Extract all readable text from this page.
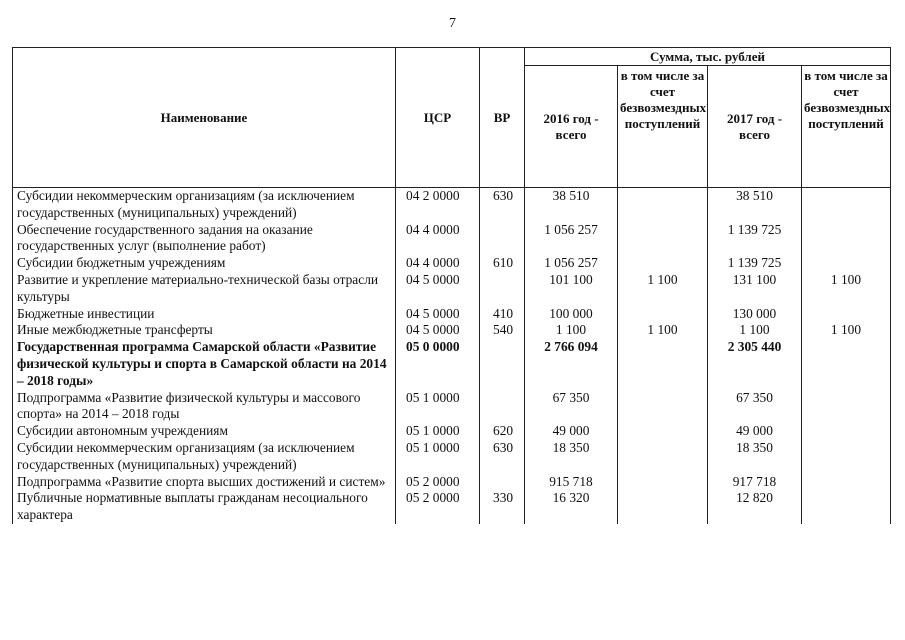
7
Наименование	ЦСР	ВР	Сумма, тыс. рублей			
			2016 год - всего	в том числе за счет безвозмездных поступлений	2017 год - всего	в том числе за счет безвозмездных поступлений
Субсидии некоммерческим организациям (за исключением государственных (муниципальных) учреждений)	04 2 0000	630	38 510		38 510	
Обеспечение государственного задания на оказание государственных услуг (выполнение работ)	04 4 0000		1 056 257		1 139 725	
Субсидии бюджетным учреждениям	04 4 0000	610	1 056 257		1 139 725	
Развитие и укрепление материально-технической базы отрасли культуры	04 5 0000		101 100	1 100	131 100	1 100
Бюджетные инвестиции	04 5 0000	410	100 000		130 000	
Иные межбюджетные трансферты	04 5 0000	540	1 100	1 100	1 100	1 100
Государственная программа Самарской области «Развитие физической культуры и спорта в Самарской области на 2014 – 2018 годы»	05 0 0000		2 766 094		2 305 440	
Подпрограмма «Развитие физической культуры и массового спорта» на 2014 – 2018 годы	05 1 0000		67 350		67 350	
Субсидии автономным учреждениям	05 1 0000	620	49 000		49 000	
Субсидии некоммерческим организациям (за исключением государственных (муниципальных) учреждений)	05 1 0000	630	18 350		18 350	
Подпрограмма «Развитие спорта высших достижений и систем»	05 2 0000		915 718		917 718	
Публичные нормативные выплаты гражданам несоциального характера	05 2 0000	330	16 320		12 820	
